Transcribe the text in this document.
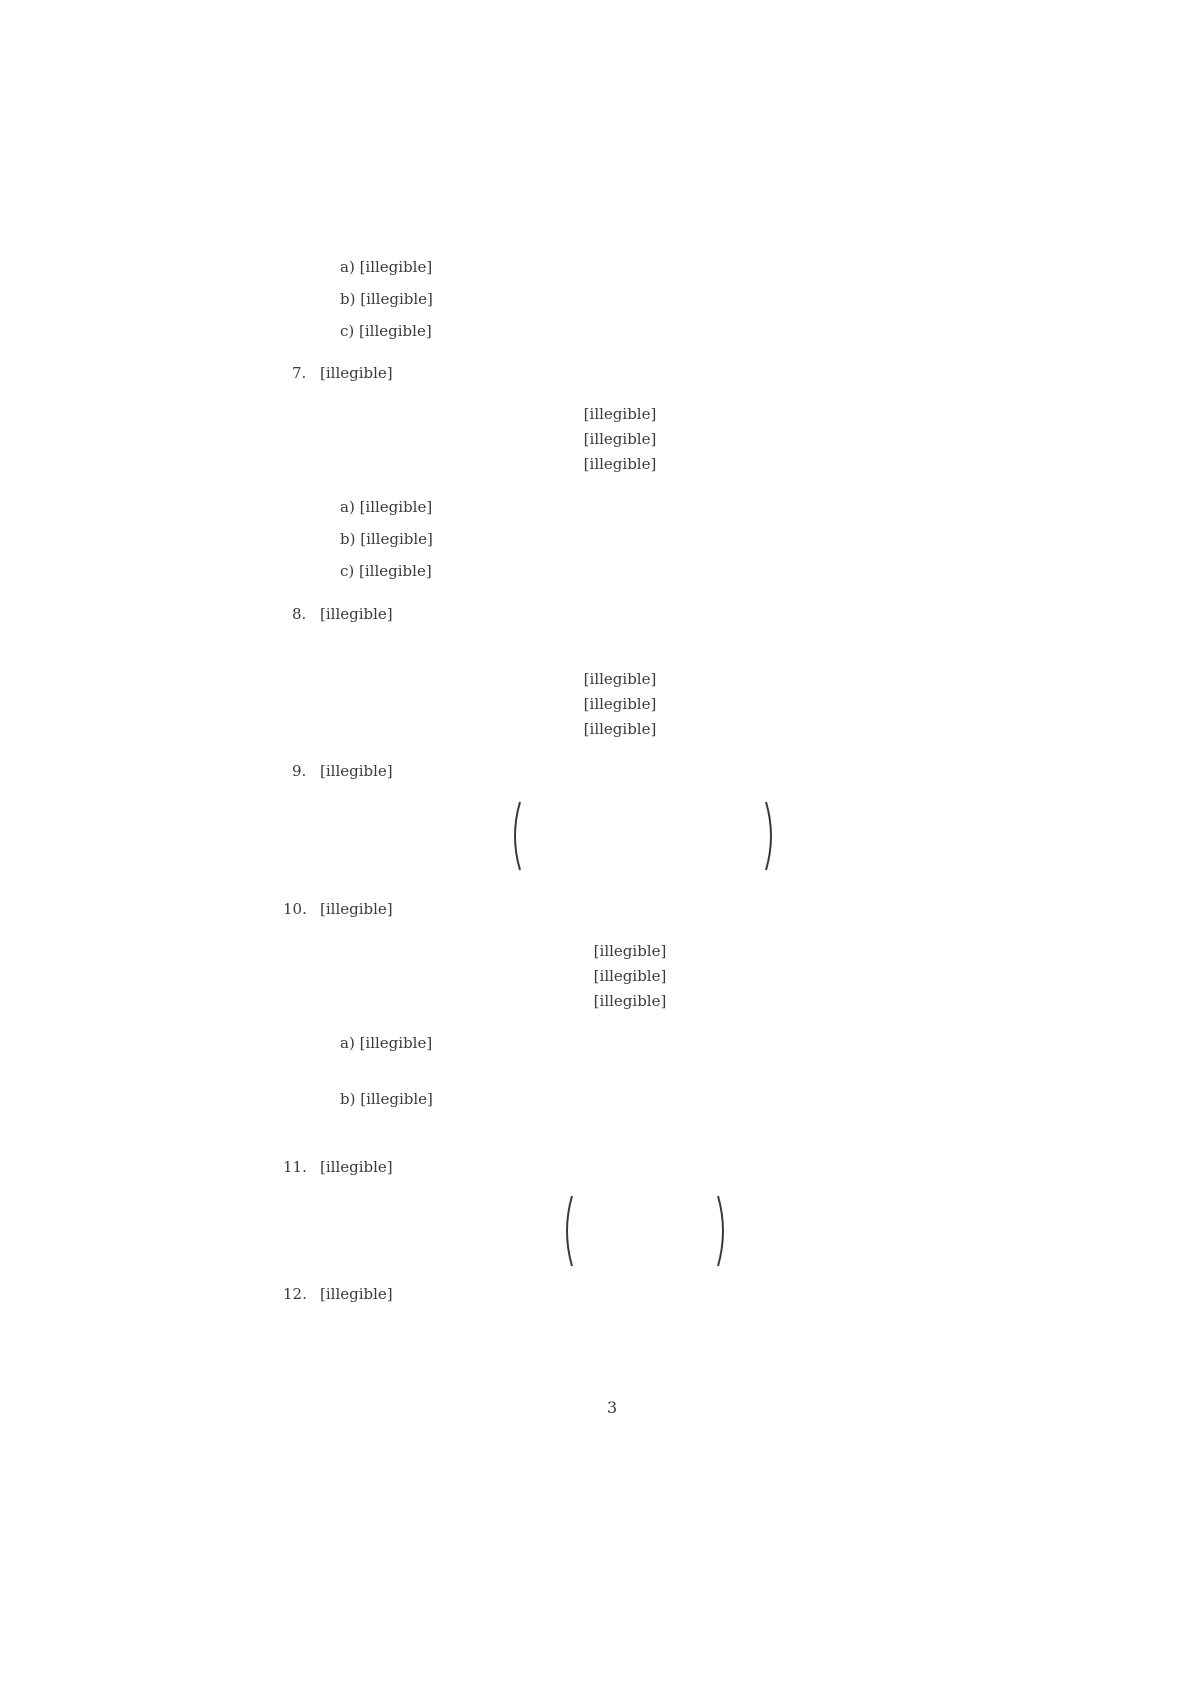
a) [illegible]
b) [illegible]
c) [illegible]
7. [illegible]
[illegible]
[illegible]
[illegible]
a) [illegible]
b) [illegible]
c) [illegible]
8. [illegible]
[illegible]
[illegible]
[illegible]
9. [illegible]
10. [illegible]
[illegible]
[illegible]
[illegible]
a) [illegible]
b) [illegible]
11. [illegible]
12. [illegible]
3
